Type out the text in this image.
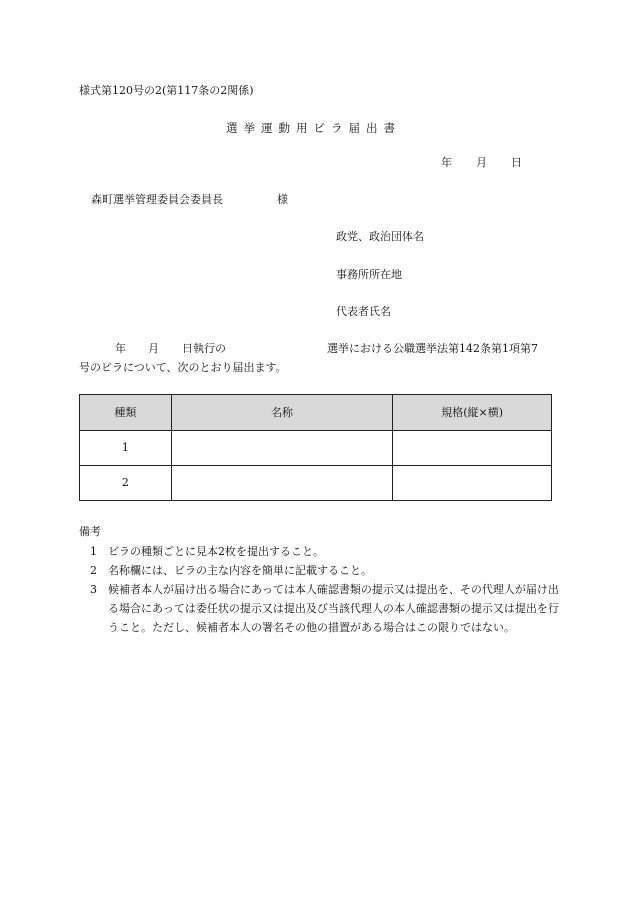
様式第120号の2(第117条の2関係)
選挙運動用ビラ届出書
年 月 日
森町選挙管理委員会委員長	様
政党、政治団体名
事務所所在地
代表者氏名
年 月 日執行の	選挙における公職選挙法第142条第1項第7
号のビラについて、次のとおり届出ます。
種類	名称	規格(縦×横)
1		
2		
備考
1 ビラの種類ごとに見本2枚を提出すること。
2 名称欄には、ビラの主な内容を簡単に記載すること。
3 候補者本人が届け出る場合にあっては本人確認書類の提示又は提出を、その代理人が届け出る場合にあっては委任状の提示又は提出及び当該代理人の本人確認書類の提示又は提出を行うこと。ただし、候補者本人の署名その他の措置がある場合はこの限りではない。
